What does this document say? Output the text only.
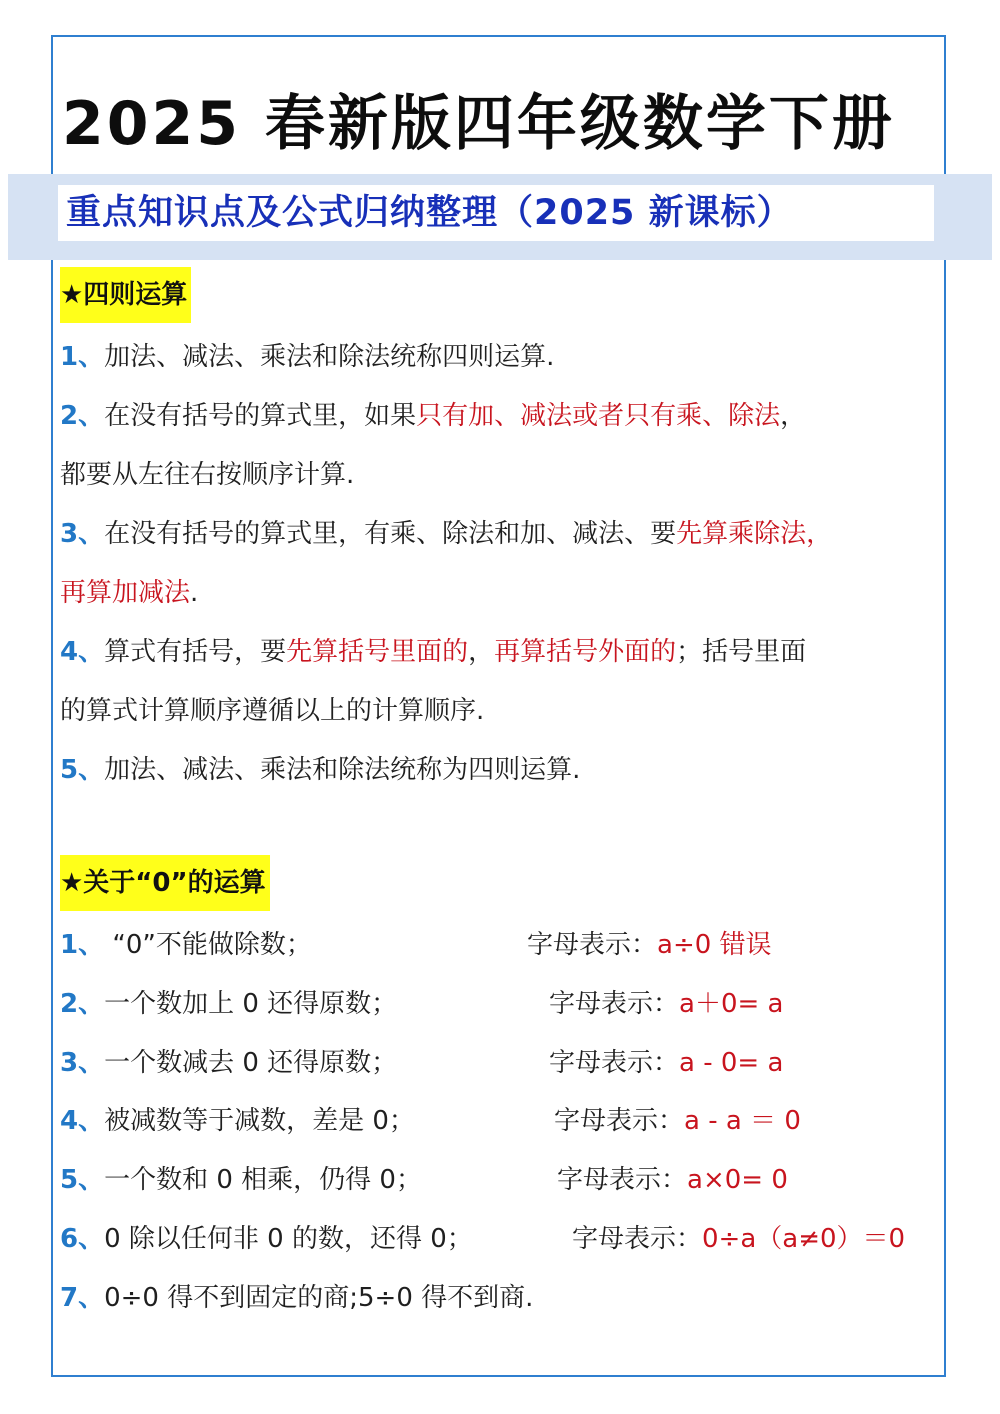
2025 春新版四年级数学下册
重点知识点及公式归纳整理（2025 新课标）
★四则运算
1、加法、减法、乘法和除法统称四则运算.
2、在没有括号的算式里，如果只有加、减法或者只有乘、除法，
都要从左往右按顺序计算.
3、在没有括号的算式里，有乘、除法和加、减法、要先算乘除法，
再算加减法.
4、算式有括号，要先算括号里面的，再算括号外面的；括号里面
的算式计算顺序遵循以上的计算顺序.
5、加法、减法、乘法和除法统称为四则运算.
★关于“0”的运算
1、 “0”不能做除数；	字母表示：a÷0 错误
2、一个数加上 0 还得原数；	字母表示：a＋0= a
3、一个数减去 0 还得原数；	字母表示：a - 0= a
4、被减数等于减数，差是 0；	字母表示：a - a ＝ 0
5、一个数和 0 相乘，仍得 0；	字母表示：a×0= 0
6、0 除以任何非 0 的数，还得 0；	字母表示：0÷a（a≠0）＝0
7、0÷0 得不到固定的商;5÷0 得不到商.
